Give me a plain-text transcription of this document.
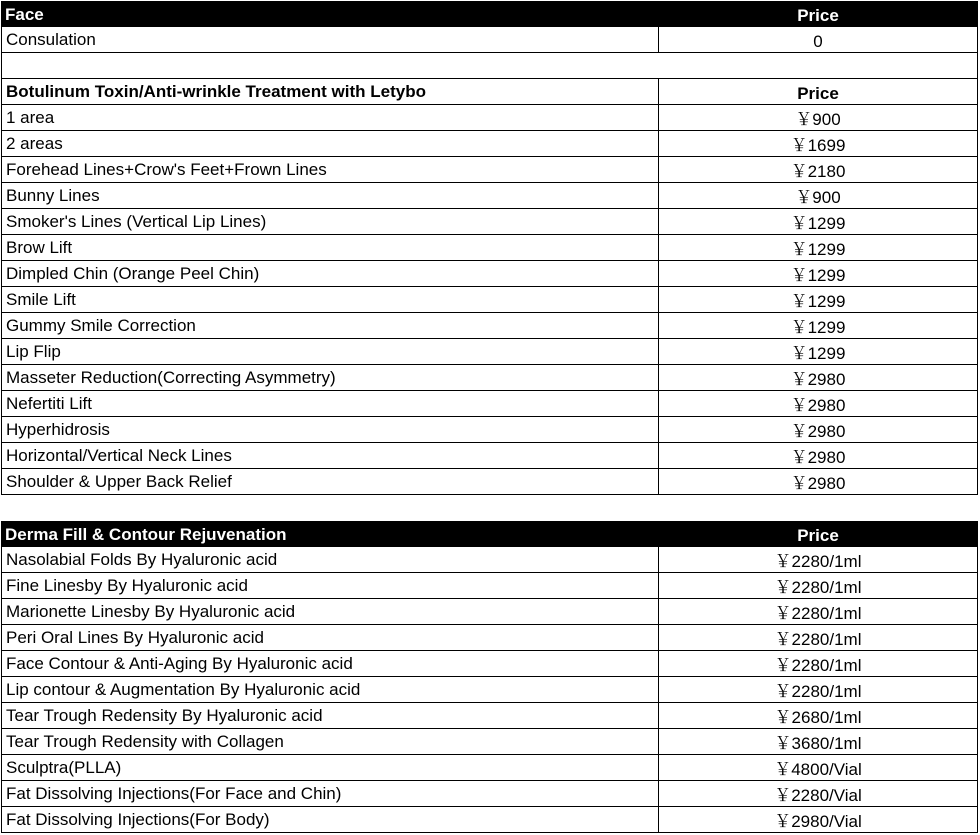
Face	Price
Consulation	0
Botulinum Toxin/Anti-wrinkle Treatment with Letybo	Price
1 area	￥900
2 areas	￥1699
Forehead Lines+Crow's Feet+Frown Lines	￥2180
Bunny Lines	￥900
Smoker's Lines (Vertical Lip Lines)	￥1299
Brow Lift	￥1299
Dimpled Chin (Orange Peel Chin)	￥1299
Smile Lift	￥1299
Gummy Smile Correction	￥1299
Lip Flip	￥1299
Masseter Reduction(Correcting Asymmetry)	￥2980
Nefertiti Lift	￥2980
Hyperhidrosis	￥2980
Horizontal/Vertical Neck Lines	￥2980
Shoulder & Upper Back Relief	￥2980
Derma Fill & Contour Rejuvenation	Price
Nasolabial Folds By Hyaluronic acid	￥2280/1ml
Fine Linesby By Hyaluronic acid	￥2280/1ml
Marionette Linesby By Hyaluronic acid	￥2280/1ml
Peri Oral Lines By Hyaluronic acid	￥2280/1ml
Face Contour & Anti-Aging By Hyaluronic acid	￥2280/1ml
Lip contour & Augmentation By Hyaluronic acid	￥2280/1ml
Tear Trough Redensity By Hyaluronic acid	￥2680/1ml
Tear Trough Redensity with Collagen	￥3680/1ml
Sculptra(PLLA)	￥4800/Vial
Fat Dissolving Injections(For Face and Chin)	￥2280/Vial
Fat Dissolving Injections(For Body)	￥2980/Vial
